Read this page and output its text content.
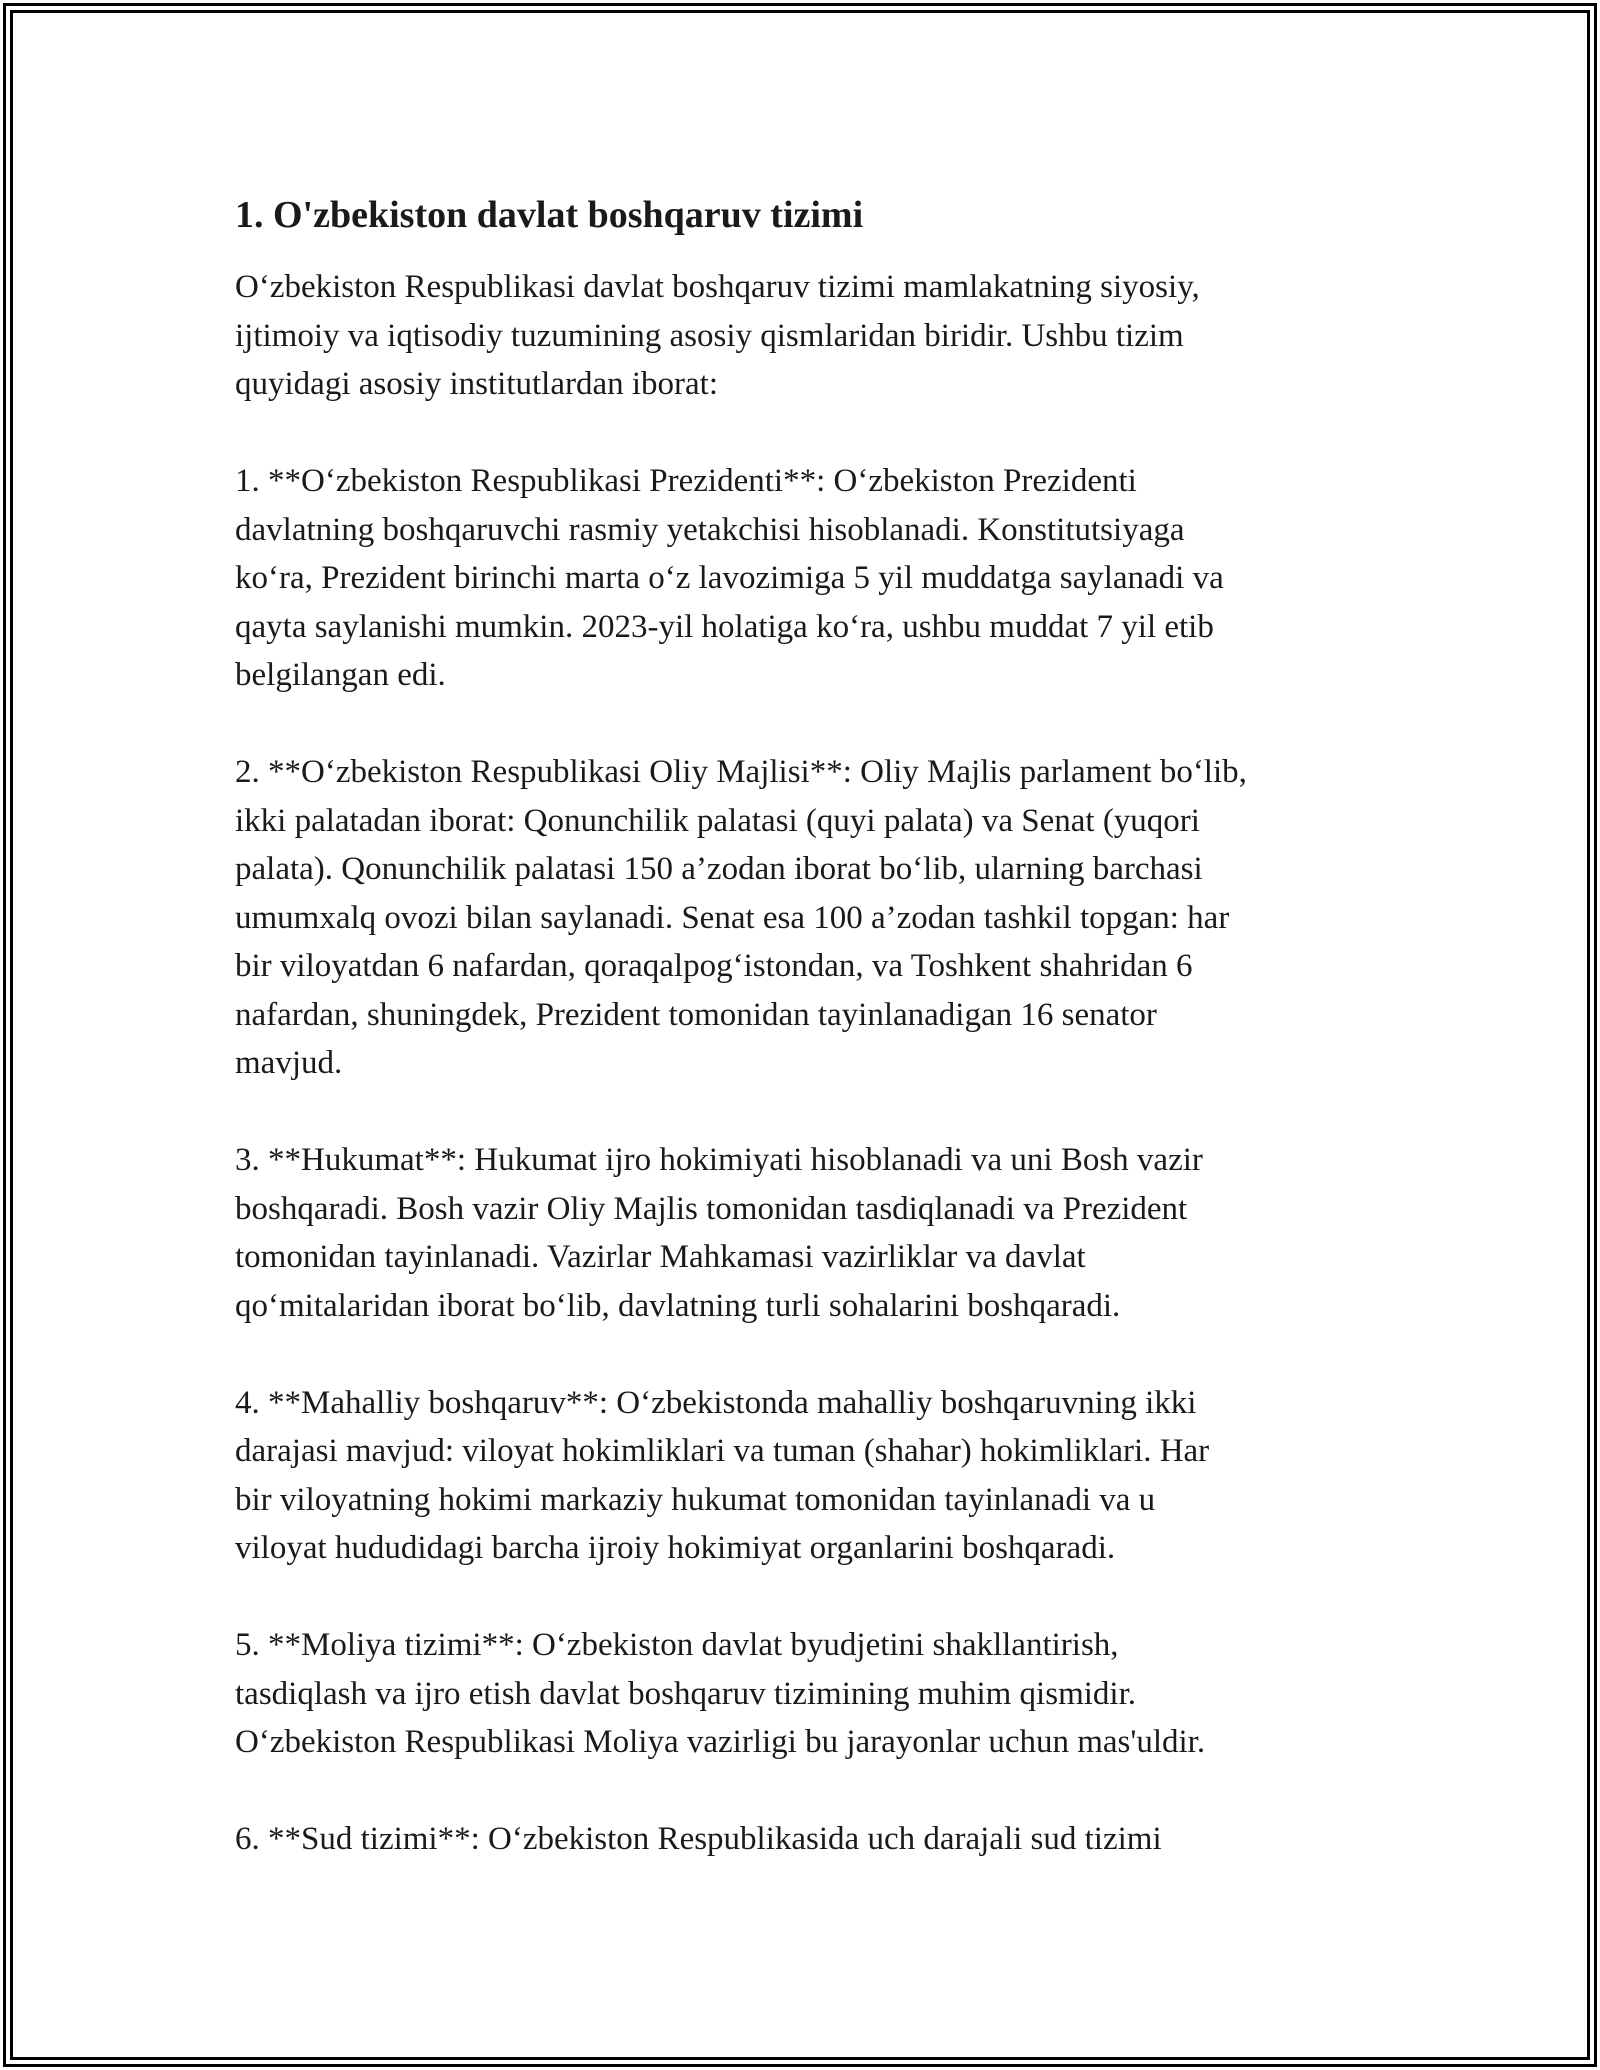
1. O'zbekiston davlat boshqaruv tizimi

O‘zbekiston Respublikasi davlat boshqaruv tizimi mamlakatning siyosiy,
ijtimoiy va iqtisodiy tuzumining asosiy qismlaridan biridir. Ushbu tizim
quyidagi asosiy institutlardan iborat:

1. **O‘zbekiston Respublikasi Prezidenti**: O‘zbekiston Prezidenti
davlatning boshqaruvchi rasmiy yetakchisi hisoblanadi. Konstitutsiyaga
ko‘ra, Prezident birinchi marta o‘z lavozimiga 5 yil muddatga saylanadi va
qayta saylanishi mumkin. 2023-yil holatiga ko‘ra, ushbu muddat 7 yil etib
belgilangan edi.

2. **O‘zbekiston Respublikasi Oliy Majlisi**: Oliy Majlis parlament bo‘lib,
ikki palatadan iborat: Qonunchilik palatasi (quyi palata) va Senat (yuqori
palata). Qonunchilik palatasi 150 a’zodan iborat bo‘lib, ularning barchasi
umumxalq ovozi bilan saylanadi. Senat esa 100 a’zodan tashkil topgan: har
bir viloyatdan 6 nafardan, qoraqalpog‘istondan, va Toshkent shahridan 6
nafardan, shuningdek, Prezident tomonidan tayinlanadigan 16 senator
mavjud.

3. **Hukumat**: Hukumat ijro hokimiyati hisoblanadi va uni Bosh vazir
boshqaradi. Bosh vazir Oliy Majlis tomonidan tasdiqlanadi va Prezident
tomonidan tayinlanadi. Vazirlar Mahkamasi vazirliklar va davlat
qo‘mitalaridan iborat bo‘lib, davlatning turli sohalarini boshqaradi.

4. **Mahalliy boshqaruv**: O‘zbekistonda mahalliy boshqaruvning ikki
darajasi mavjud: viloyat hokimliklari va tuman (shahar) hokimliklari. Har
bir viloyatning hokimi markaziy hukumat tomonidan tayinlanadi va u
viloyat hududidagi barcha ijroiy hokimiyat organlarini boshqaradi.

5. **Moliya tizimi**: O‘zbekiston davlat byudjetini shakllantirish,
tasdiqlash va ijro etish davlat boshqaruv tizimining muhim qismidir.
O‘zbekiston Respublikasi Moliya vazirligi bu jarayonlar uchun mas'uldir.

6. **Sud tizimi**: O‘zbekiston Respublikasida uch darajali sud tizimi
